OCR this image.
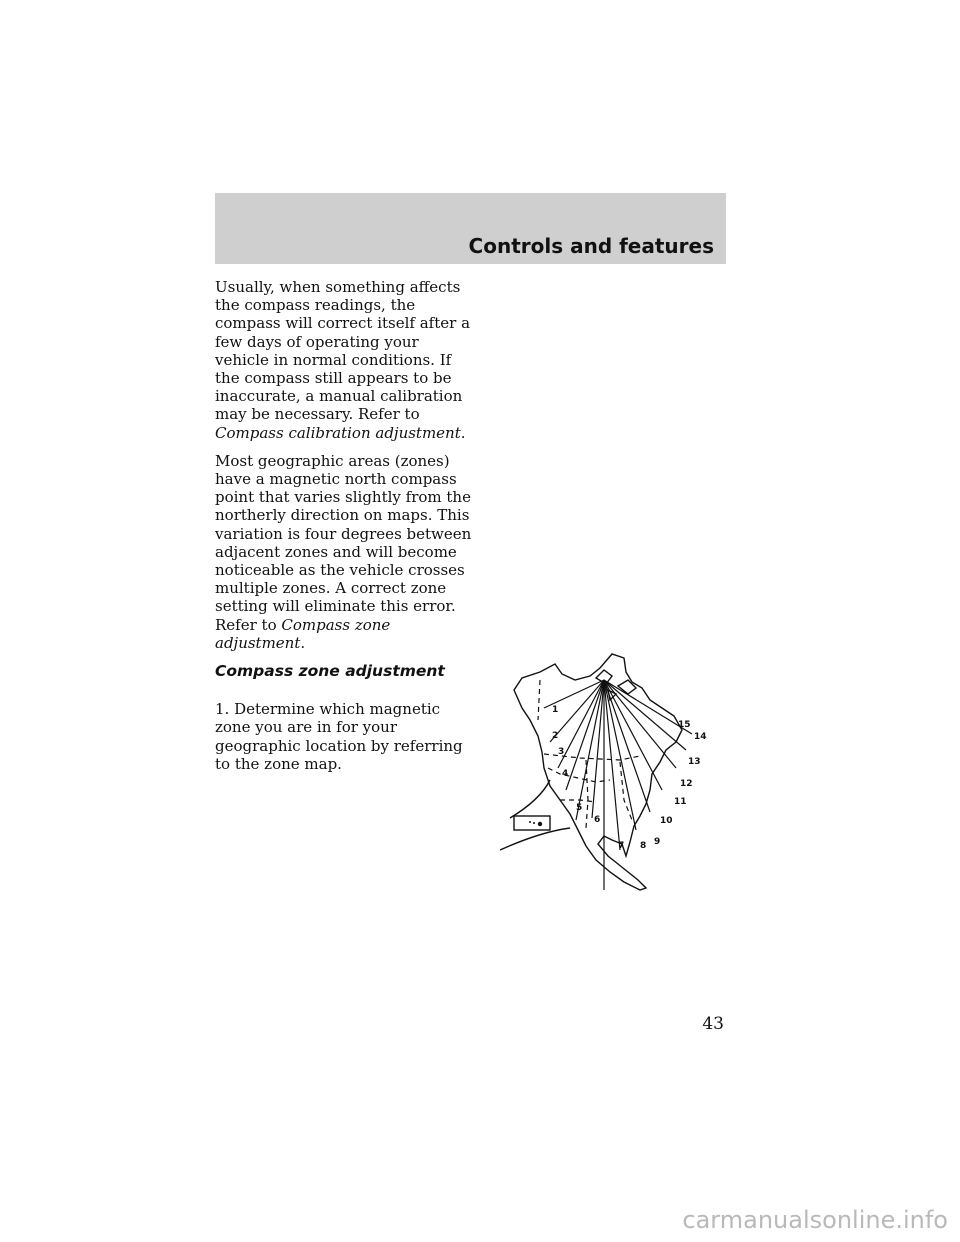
Controls and features

Usually, when something affects the compass readings, the compass will correct itself after a few days of operating your vehicle in normal conditions. If the compass still appears to be inaccurate, a manual calibration may be necessary. Refer to Compass calibration adjustment.

Most geographic areas (zones) have a magnetic north compass point that varies slightly from the northerly direction on maps. This variation is four degrees between adjacent zones and will become noticeable as the vehicle crosses multiple zones. A correct zone setting will eliminate this error. Refer to Compass zone adjustment.

Compass zone adjustment

1. Determine which magnetic zone you are in for your geographic location by referring to the zone map.

1
2
3
4
5
6
7 8 9
10
11
12
13
14
15
43
carmanualsonline.info
